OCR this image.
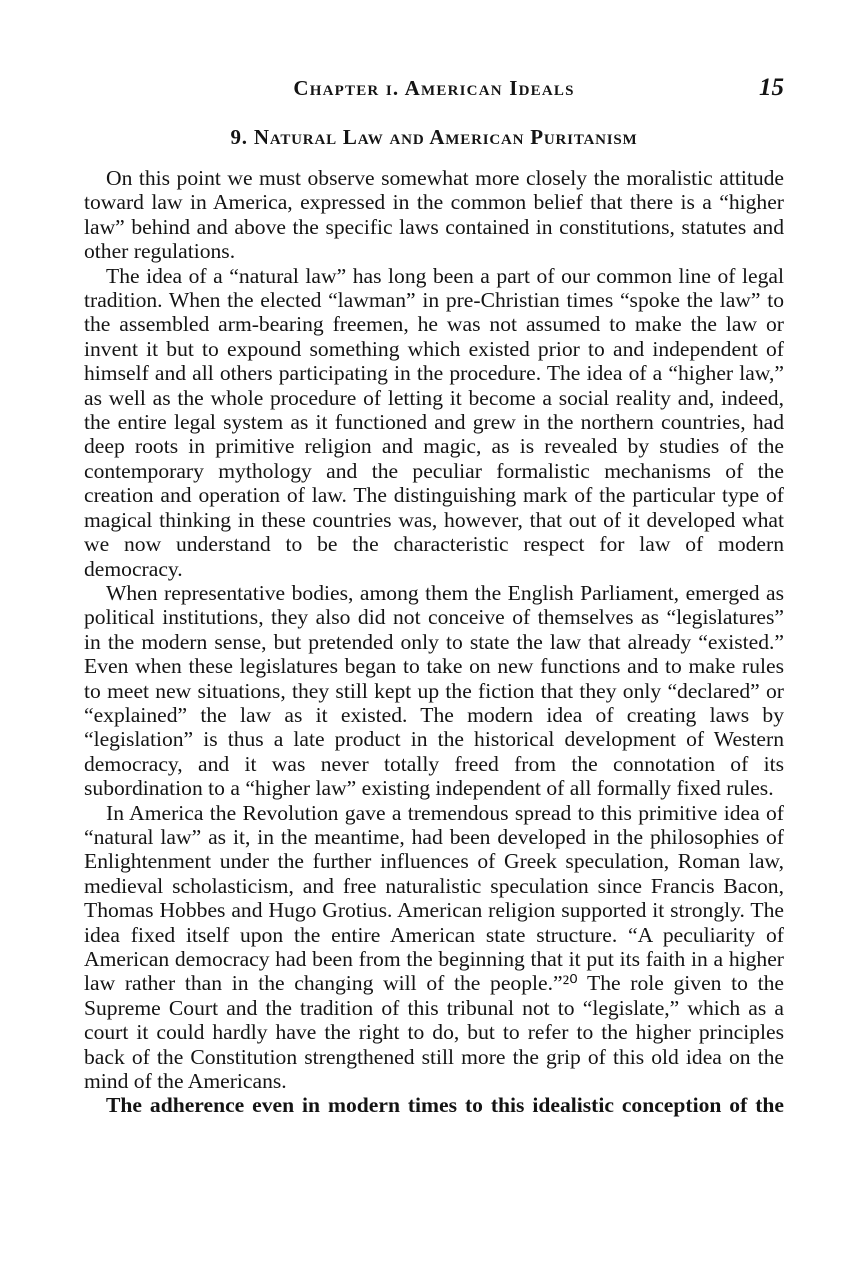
Chapter i. American Ideals	15
9. Natural Law and American Puritanism

On this point we must observe somewhat more closely the moralistic attitude toward law in America, expressed in the common belief that there is a “higher law” behind and above the specific laws contained in constitutions, statutes and other regulations.

The idea of a “natural law” has long been a part of our common line of legal tradition. When the elected “lawman” in pre-Christian times “spoke the law” to the assembled arm-bearing freemen, he was not assumed to make the law or invent it but to expound something which existed prior to and independent of himself and all others participating in the procedure. The idea of a “higher law,” as well as the whole procedure of letting it become a social reality and, indeed, the entire legal system as it functioned and grew in the northern countries, had deep roots in primitive religion and magic, as is revealed by studies of the contemporary mythology and the peculiar formalistic mechanisms of the creation and operation of law. The distinguishing mark of the particular type of magical thinking in these countries was, however, that out of it developed what we now understand to be the characteristic respect for law of modern democracy.

When representative bodies, among them the English Parliament, emerged as political institutions, they also did not conceive of themselves as “legislatures” in the modern sense, but pretended only to state the law that already “existed.” Even when these legislatures began to take on new functions and to make rules to meet new situations, they still kept up the fiction that they only “declared” or “explained” the law as it existed. The modern idea of creating laws by “legislation” is thus a late product in the historical development of Western democracy, and it was never totally freed from the connotation of its subordination to a “higher law” existing independent of all formally fixed rules.

In America the Revolution gave a tremendous spread to this primitive idea of “natural law” as it, in the meantime, had been developed in the philosophies of Enlightenment under the further influences of Greek speculation, Roman law, medieval scholasticism, and free naturalistic speculation since Francis Bacon, Thomas Hobbes and Hugo Grotius. American religion supported it strongly. The idea fixed itself upon the entire American state structure. “A peculiarity of American democracy had been from the beginning that it put its faith in a higher law rather than in the changing will of the people.”²⁰ The role given to the Supreme Court and the tradition of this tribunal not to “legislate,” which as a court it could hardly have the right to do, but to refer to the higher principles back of the Constitution strengthened still more the grip of this old idea on the mind of the Americans.

The adherence even in modern times to this idealistic conception of the
